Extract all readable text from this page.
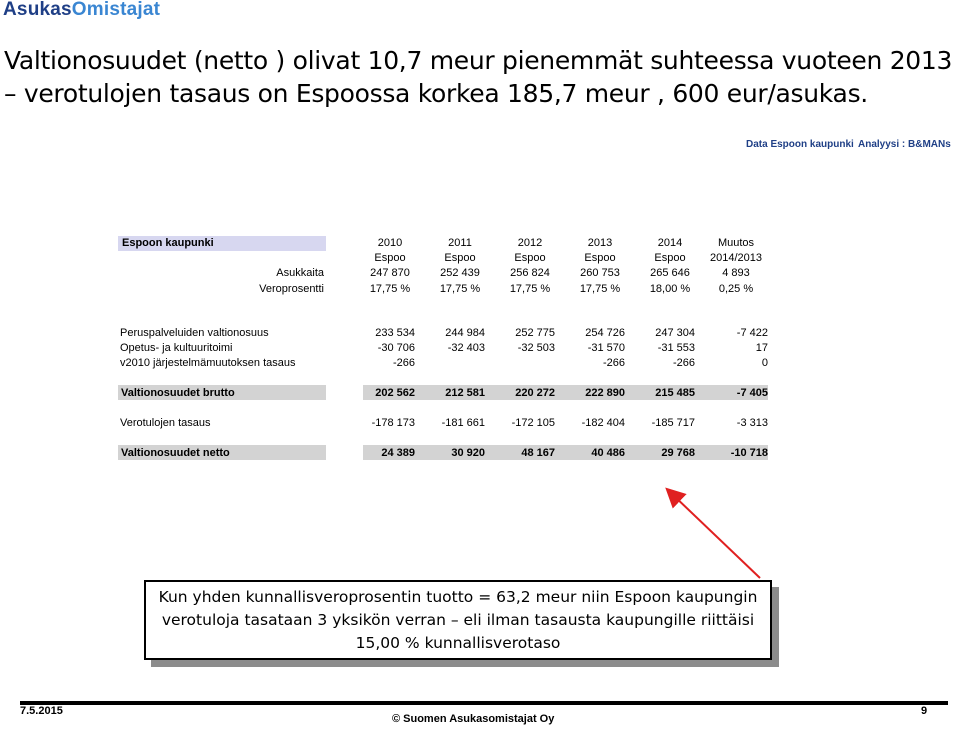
AsukasOmistajat
Valtionosuudet (netto ) olivat 10,7 meur pienemmät suhteessa vuoteen 2013 – verotulojen tasaus on Espoossa korkea 185,7 meur , 600 eur/asukas.
Data Espoon kaupunki Analyysi : B&MANs
Espoon kaupunki	2010
Espoo
247 870
17,75 %
233 534
-30 706
-266
202 562
-178 173
24 389
2011
Espoo
252 439
17,75 %
244 984
-32 403
212 581
-181 661
30 920
2012
Espoo
256 824
17,75 %
252 775
-32 503
220 272
-172 105
48 167
2013
Espoo
260 753
17,75 %
254 726
-31 570
-266
222 890
-182 404
40 486
2014
Espoo
265 646
18,00 %
247 304
-31 553
-266
215 485
-185 717
29 768
Muutos
2014/2013
4 893
0,25 %
-7 422
17
0
-7 405
-3 313
-10 718
Asukkaita
Veroprosentti
Peruspalveluiden valtionosuus
Opetus- ja kultuuritoimi
v2010 järjestelmämuutoksen tasaus
Valtionosuudet brutto
Verotulojen tasaus
Valtionosuudet netto
Kun yhden kunnallisveroprosentin tuotto = 63,2 meur niin Espoon kaupungin
verotuloja tasataan 3 yksikön verran – eli ilman tasausta kaupungille riittäisi
15,00 % kunnallisverotaso
7.5.2015
© Suomen Asukasomistajat Oy
9
